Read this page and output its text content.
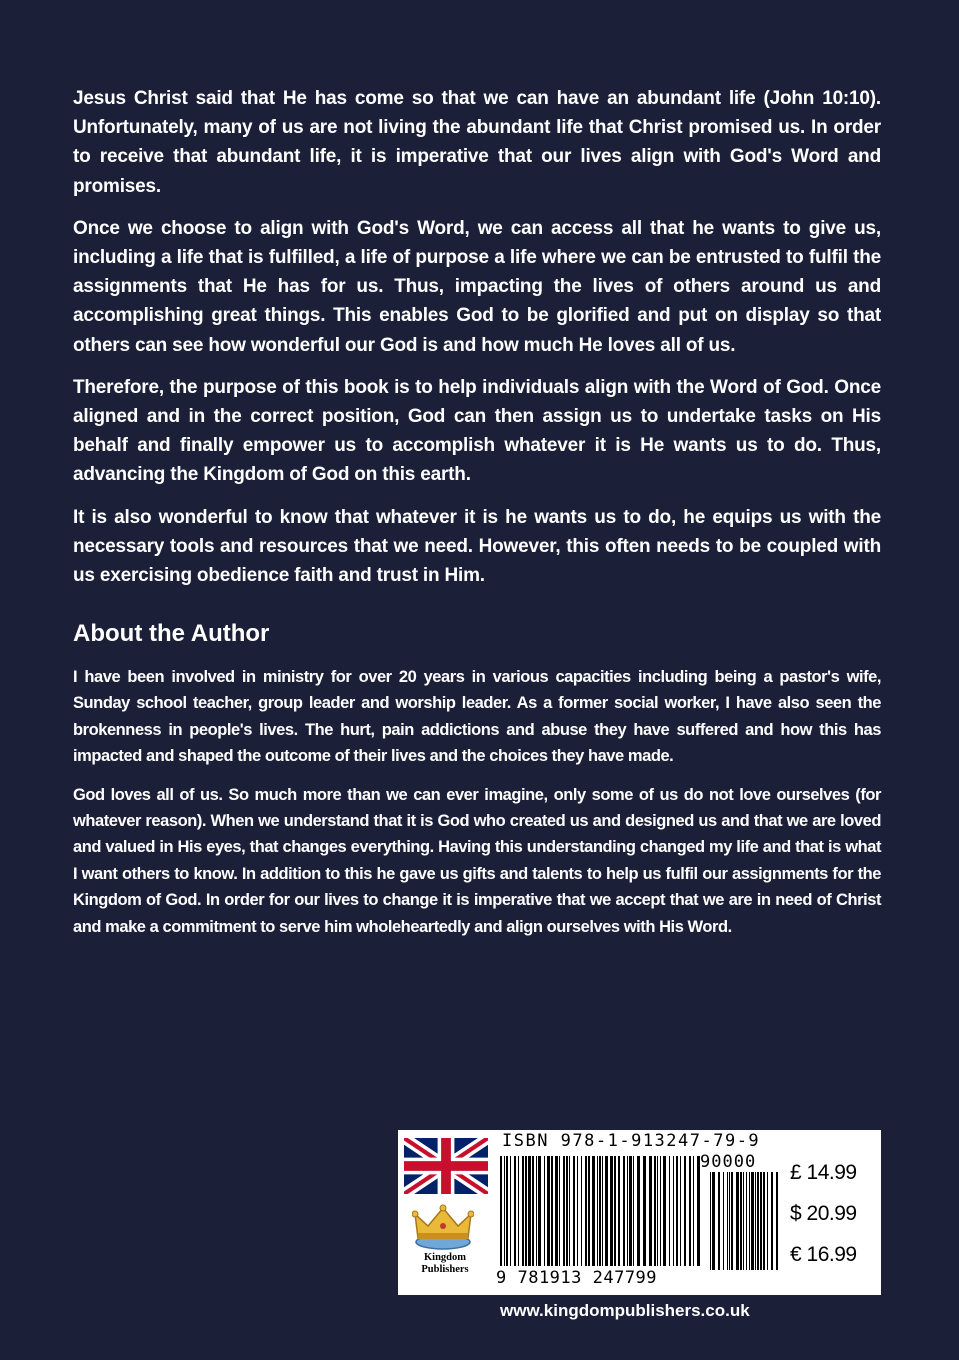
Jesus Christ said that He has come so that we can have an abundant life (John 10:10). Unfortunately, many of us are not living the abundant life that Christ promised us. In order to receive that abundant life, it is imperative that our lives align with God's Word and promises.

Once we choose to align with God's Word, we can access all that he wants to give us, including a life that is fulfilled, a life of purpose a life where we can be entrusted to fulfil the assignments that He has for us. Thus, impacting the lives of others around us and accomplishing great things. This enables God to be glorified and put on display so that others can see how wonderful our God is and how much He loves all of us.

Therefore, the purpose of this book is to help individuals align with the Word of God. Once aligned and in the correct position, God can then assign us to undertake tasks on His behalf and finally empower us to accomplish whatever it is He wants us to do. Thus, advancing the Kingdom of God on this earth.

It is also wonderful to know that whatever it is he wants us to do, he equips us with the necessary tools and resources that we need. However, this often needs to be coupled with us exercising obedience faith and trust in Him.

About the Author

I have been involved in ministry for over 20 years in various capacities including being a pastor's wife, Sunday school teacher, group leader and worship leader. As a former social worker, I have also seen the brokenness in people's lives. The hurt, pain addictions and abuse they have suffered and how this has impacted and shaped the outcome of their lives and the choices they have made.

God loves all of us. So much more than we can ever imagine, only some of us do not love ourselves (for whatever reason). When we understand that it is God who created us and designed us and that we are loved and valued in His eyes, that changes everything. Having this understanding changed my life and that is what I want others to know. In addition to this he gave us gifts and talents to help us fulfil our assignments for the Kingdom of God. In order for our lives to change it is imperative that we accept that we are in need of Christ and make a commitment to serve him wholeheartedly and align ourselves with His Word.

Kingdom Publishers
ISBN 978-1-913247-79-9
90000
9 781913 247799
£ 14.99
$ 20.99
€ 16.99
www.kingdompublishers.co.uk
